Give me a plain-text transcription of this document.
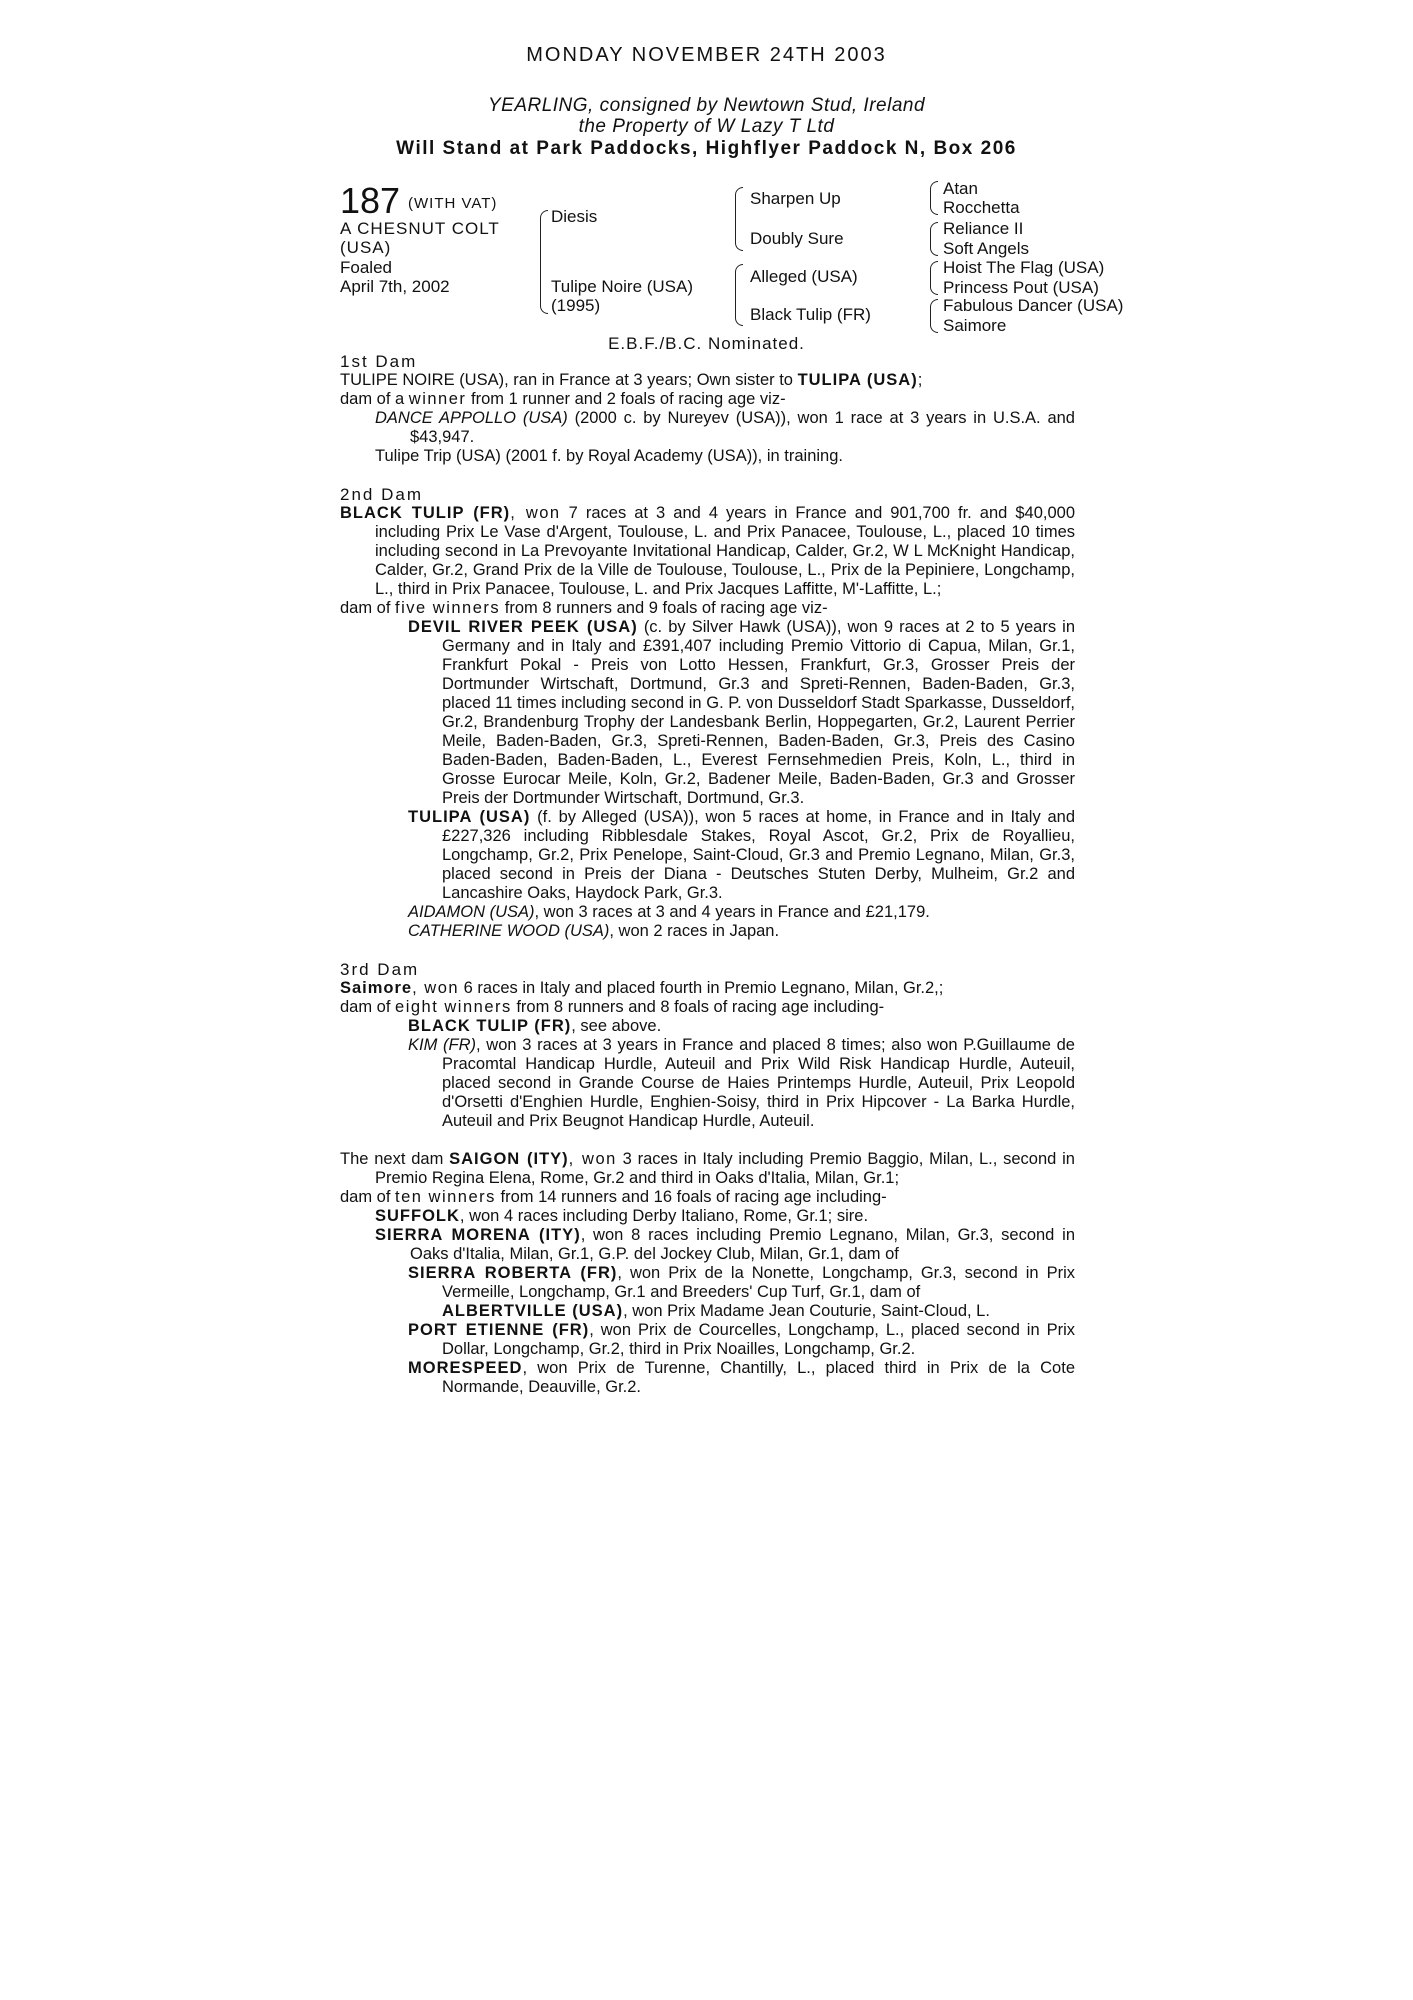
MONDAY NOVEMBER 24TH 2003
YEARLING, consigned by Newtown Stud, Ireland
the Property of W Lazy T Ltd
Will Stand at Park Paddocks, Highflyer Paddock N, Box 206
187 (WITH VAT)
A CHESNUT COLT
(USA)
Foaled
April 7th, 2002
Diesis
Tulipe Noire (USA)
(1995)
Sharpen Up
Doubly Sure
Alleged (USA)
Black Tulip (FR)
Atan
Rocchetta
Reliance II
Soft Angels
Hoist The Flag (USA)
Princess Pout (USA)
Fabulous Dancer (USA)
Saimore
E.B.F./B.C. Nominated.

1st Dam

TULIPE NOIRE (USA), ran in France at 3 years; Own sister to TULIPA (USA);

dam of a winner from 1 runner and 2 foals of racing age viz-

DANCE APPOLLO (USA) (2000 c. by Nureyev (USA)), won 1 race at 3 years in U.S.A. and $43,947.

Tulipe Trip (USA) (2001 f. by Royal Academy (USA)), in training.

2nd Dam

BLACK TULIP (FR), won 7 races at 3 and 4 years in France and 901,700 fr. and $40,000 including Prix Le Vase d'Argent, Toulouse, L. and Prix Panacee, Toulouse, L., placed 10 times including second in La Prevoyante Invitational Handicap, Calder, Gr.2, W L McKnight Handicap, Calder, Gr.2, Grand Prix de la Ville de Toulouse, Toulouse, L., Prix de la Pepiniere, Longchamp, L., third in Prix Panacee, Toulouse, L. and Prix Jacques Laffitte, M'-Laffitte, L.;

dam of five winners from 8 runners and 9 foals of racing age viz-

DEVIL RIVER PEEK (USA) (c. by Silver Hawk (USA)), won 9 races at 2 to 5 years in Germany and in Italy and £391,407 including Premio Vittorio di Capua, Milan, Gr.1, Frankfurt Pokal - Preis von Lotto Hessen, Frankfurt, Gr.3, Grosser Preis der Dortmunder Wirtschaft, Dortmund, Gr.3 and Spreti-Rennen, Baden-Baden, Gr.3, placed 11 times including second in G. P. von Dusseldorf Stadt Sparkasse, Dusseldorf, Gr.2, Brandenburg Trophy der Landesbank Berlin, Hoppegarten, Gr.2, Laurent Perrier Meile, Baden-Baden, Gr.3, Spreti-Rennen, Baden-Baden, Gr.3, Preis des Casino Baden-Baden, Baden-Baden, L., Everest Fernsehmedien Preis, Koln, L., third in Grosse Eurocar Meile, Koln, Gr.2, Badener Meile, Baden-Baden, Gr.3 and Grosser Preis der Dortmunder Wirtschaft, Dortmund, Gr.3.

TULIPA (USA) (f. by Alleged (USA)), won 5 races at home, in France and in Italy and £227,326 including Ribblesdale Stakes, Royal Ascot, Gr.2, Prix de Royallieu, Longchamp, Gr.2, Prix Penelope, Saint-Cloud, Gr.3 and Premio Legnano, Milan, Gr.3, placed second in Preis der Diana - Deutsches Stuten Derby, Mulheim, Gr.2 and Lancashire Oaks, Haydock Park, Gr.3.

AIDAMON (USA), won 3 races at 3 and 4 years in France and £21,179.

CATHERINE WOOD (USA), won 2 races in Japan.

3rd Dam

Saimore, won 6 races in Italy and placed fourth in Premio Legnano, Milan, Gr.2,;

dam of eight winners from 8 runners and 8 foals of racing age including-

BLACK TULIP (FR), see above.

KIM (FR), won 3 races at 3 years in France and placed 8 times; also won P.Guillaume de Pracomtal Handicap Hurdle, Auteuil and Prix Wild Risk Handicap Hurdle, Auteuil, placed second in Grande Course de Haies Printemps Hurdle, Auteuil, Prix Leopold d'Orsetti d'Enghien Hurdle, Enghien-Soisy, third in Prix Hipcover - La Barka Hurdle, Auteuil and Prix Beugnot Handicap Hurdle, Auteuil.

The next dam SAIGON (ITY), won 3 races in Italy including Premio Baggio, Milan, L., second in Premio Regina Elena, Rome, Gr.2 and third in Oaks d'Italia, Milan, Gr.1;

dam of ten winners from 14 runners and 16 foals of racing age including-

SUFFOLK, won 4 races including Derby Italiano, Rome, Gr.1; sire.

SIERRA MORENA (ITY), won 8 races including Premio Legnano, Milan, Gr.3, second in Oaks d'Italia, Milan, Gr.1, G.P. del Jockey Club, Milan, Gr.1, dam of

SIERRA ROBERTA (FR), won Prix de la Nonette, Longchamp, Gr.3, second in Prix Vermeille, Longchamp, Gr.1 and Breeders' Cup Turf, Gr.1, dam of

ALBERTVILLE (USA), won Prix Madame Jean Couturie, Saint-Cloud, L.

PORT ETIENNE (FR), won Prix de Courcelles, Longchamp, L., placed second in Prix Dollar, Longchamp, Gr.2, third in Prix Noailles, Longchamp, Gr.2.

MORESPEED, won Prix de Turenne, Chantilly, L., placed third in Prix de la Cote Normande, Deauville, Gr.2.
